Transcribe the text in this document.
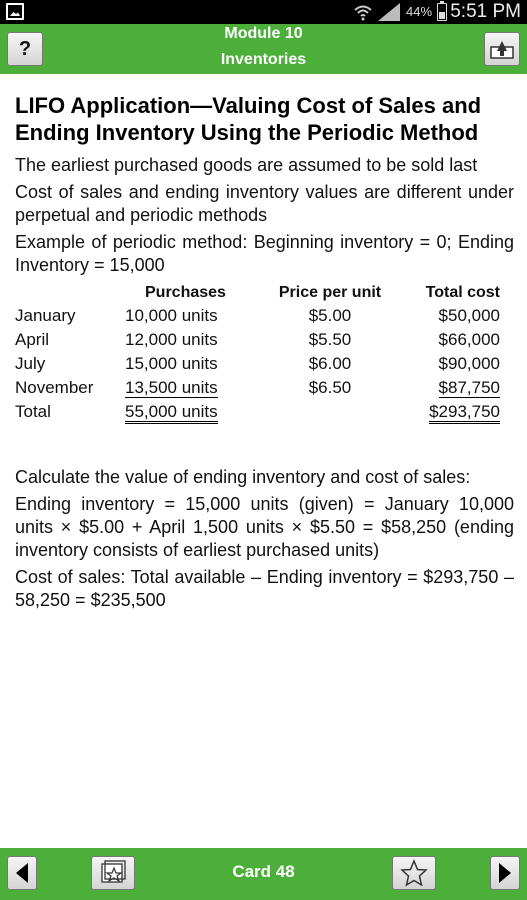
44% 5:51 PM
Module 10
Inventories
?
LIFO Application—Valuing Cost of Sales and Ending Inventory Using the Periodic Method
The earliest purchased goods are assumed to be sold last
Cost of sales and ending inventory values are different under perpetual and periodic methods
Example of periodic method: Beginning inventory = 0; Ending Inventory = 15,000
	Purchases	Price per unit	Total cost
January	10,000 units	$5.00	$50,000
April	12,000 units	$5.50	$66,000
July	15,000 units	$6.00	$90,000
November	13,500 units	$6.50	$87,750
Total	55,000 units		$293,750
Calculate the value of ending inventory and cost of sales:
Ending inventory = 15,000 units (given) = January 10,000 units × $5.00 + April 1,500 units × $5.50 = $58,250 (ending inventory consists of earliest purchased units)
Cost of sales: Total available – Ending inventory = $293,750 – 58,250 = $235,500
Card 48
